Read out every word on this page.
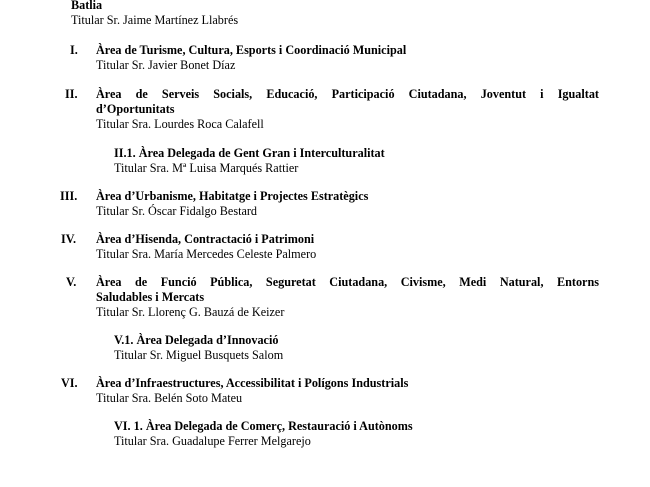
Batlia
Titular Sr. Jaime Martínez Llabrés
I. Àrea de Turisme, Cultura, Esports i Coordinació Municipal
Titular Sr. Javier Bonet Díaz
II. Àrea de Serveis Socials, Educació, Participació Ciutadana, Joventut i Igualtat
d’Oportunitats
Titular Sra. Lourdes Roca Calafell
II.1. Àrea Delegada de Gent Gran i Interculturalitat
Titular Sra. Mª Luisa Marqués Rattier
III. Àrea d’Urbanisme, Habitatge i Projectes Estratègics
Titular Sr. Óscar Fidalgo Bestard
IV. Àrea d’Hisenda, Contractació i Patrimoni
Titular Sra. María Mercedes Celeste Palmero
V. Àrea de Funció Pública, Seguretat Ciutadana, Civisme, Medi Natural, Entorns
Saludables i Mercats
Titular Sr. Llorenç G. Bauzá de Keizer
V.1. Àrea Delegada d’Innovació
Titular Sr. Miguel Busquets Salom
VI. Àrea d’Infraestructures, Accessibilitat i Polígons Industrials
Titular Sra. Belén Soto Mateu
VI. 1. Àrea Delegada de Comerç, Restauració i Autònoms
Titular Sra. Guadalupe Ferrer Melgarejo
